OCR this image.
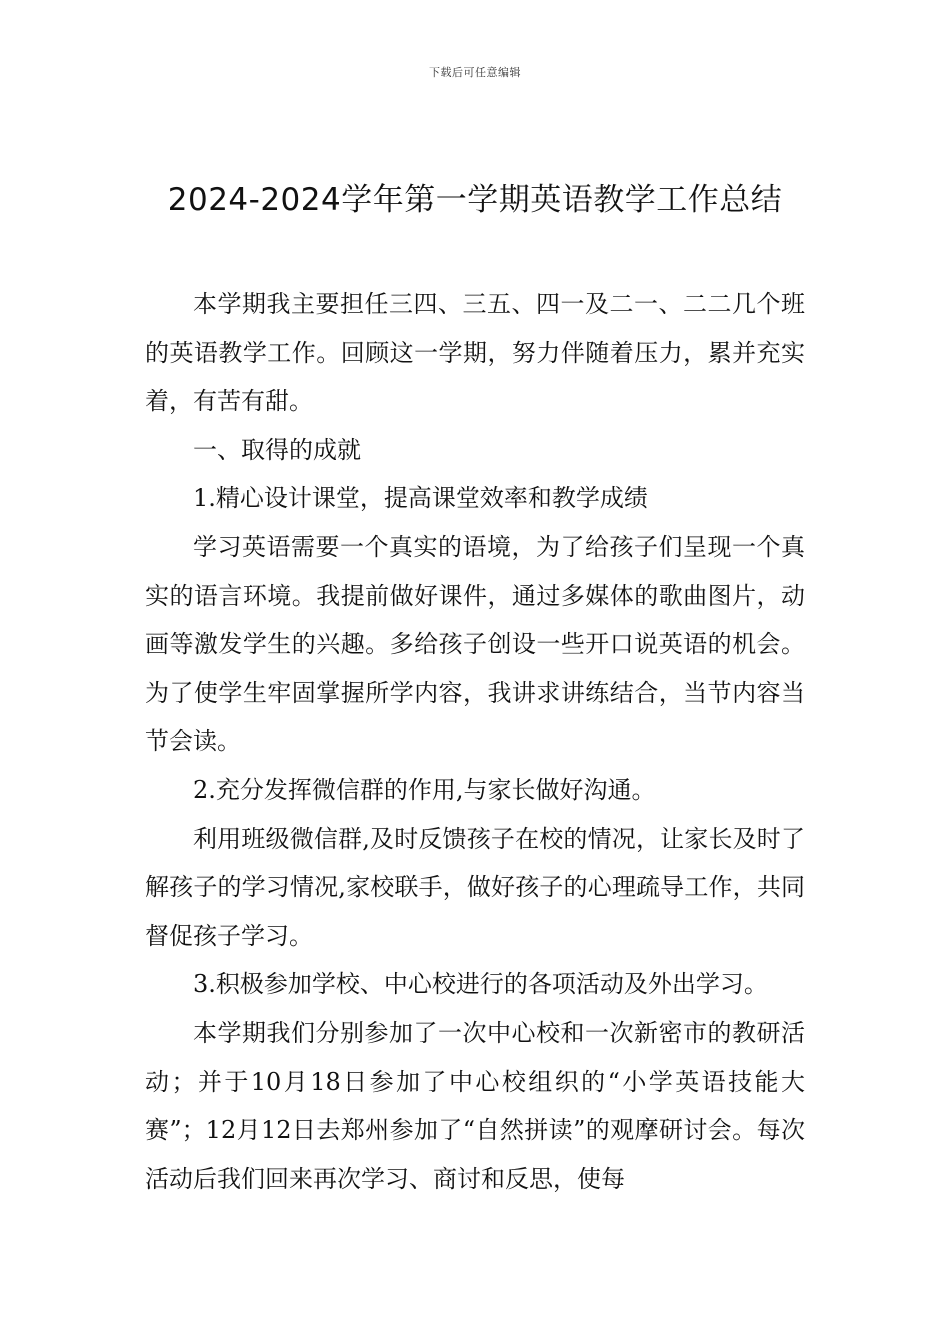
下载后可任意编辑
2024-2024学年第一学期英语教学工作总结

本学期我主要担任三四、三五、四一及二一、二二几个班的英语教学工作。回顾这一学期，努力伴随着压力，累并充实着，有苦有甜。

一、取得的成就

1.精心设计课堂，提高课堂效率和教学成绩

学习英语需要一个真实的语境，为了给孩子们呈现一个真实的语言环境。我提前做好课件，通过多媒体的歌曲图片，动画等激发学生的兴趣。多给孩子创设一些开口说英语的机会。为了使学生牢固掌握所学内容，我讲求讲练结合，当节内容当节会读。

2.充分发挥微信群的作用,与家长做好沟通。

利用班级微信群,及时反馈孩子在校的情况，让家长及时了解孩子的学习情况,家校联手，做好孩子的心理疏导工作，共同督促孩子学习。

3.积极参加学校、中心校进行的各项活动及外出学习。

本学期我们分别参加了一次中心校和一次新密市的教研活动；并于10月18日参加了中心校组织的“小学英语技能大赛”；12月12日去郑州参加了“自然拼读”的观摩研讨会。每次活动后我们回来再次学习、商讨和反思，使每
